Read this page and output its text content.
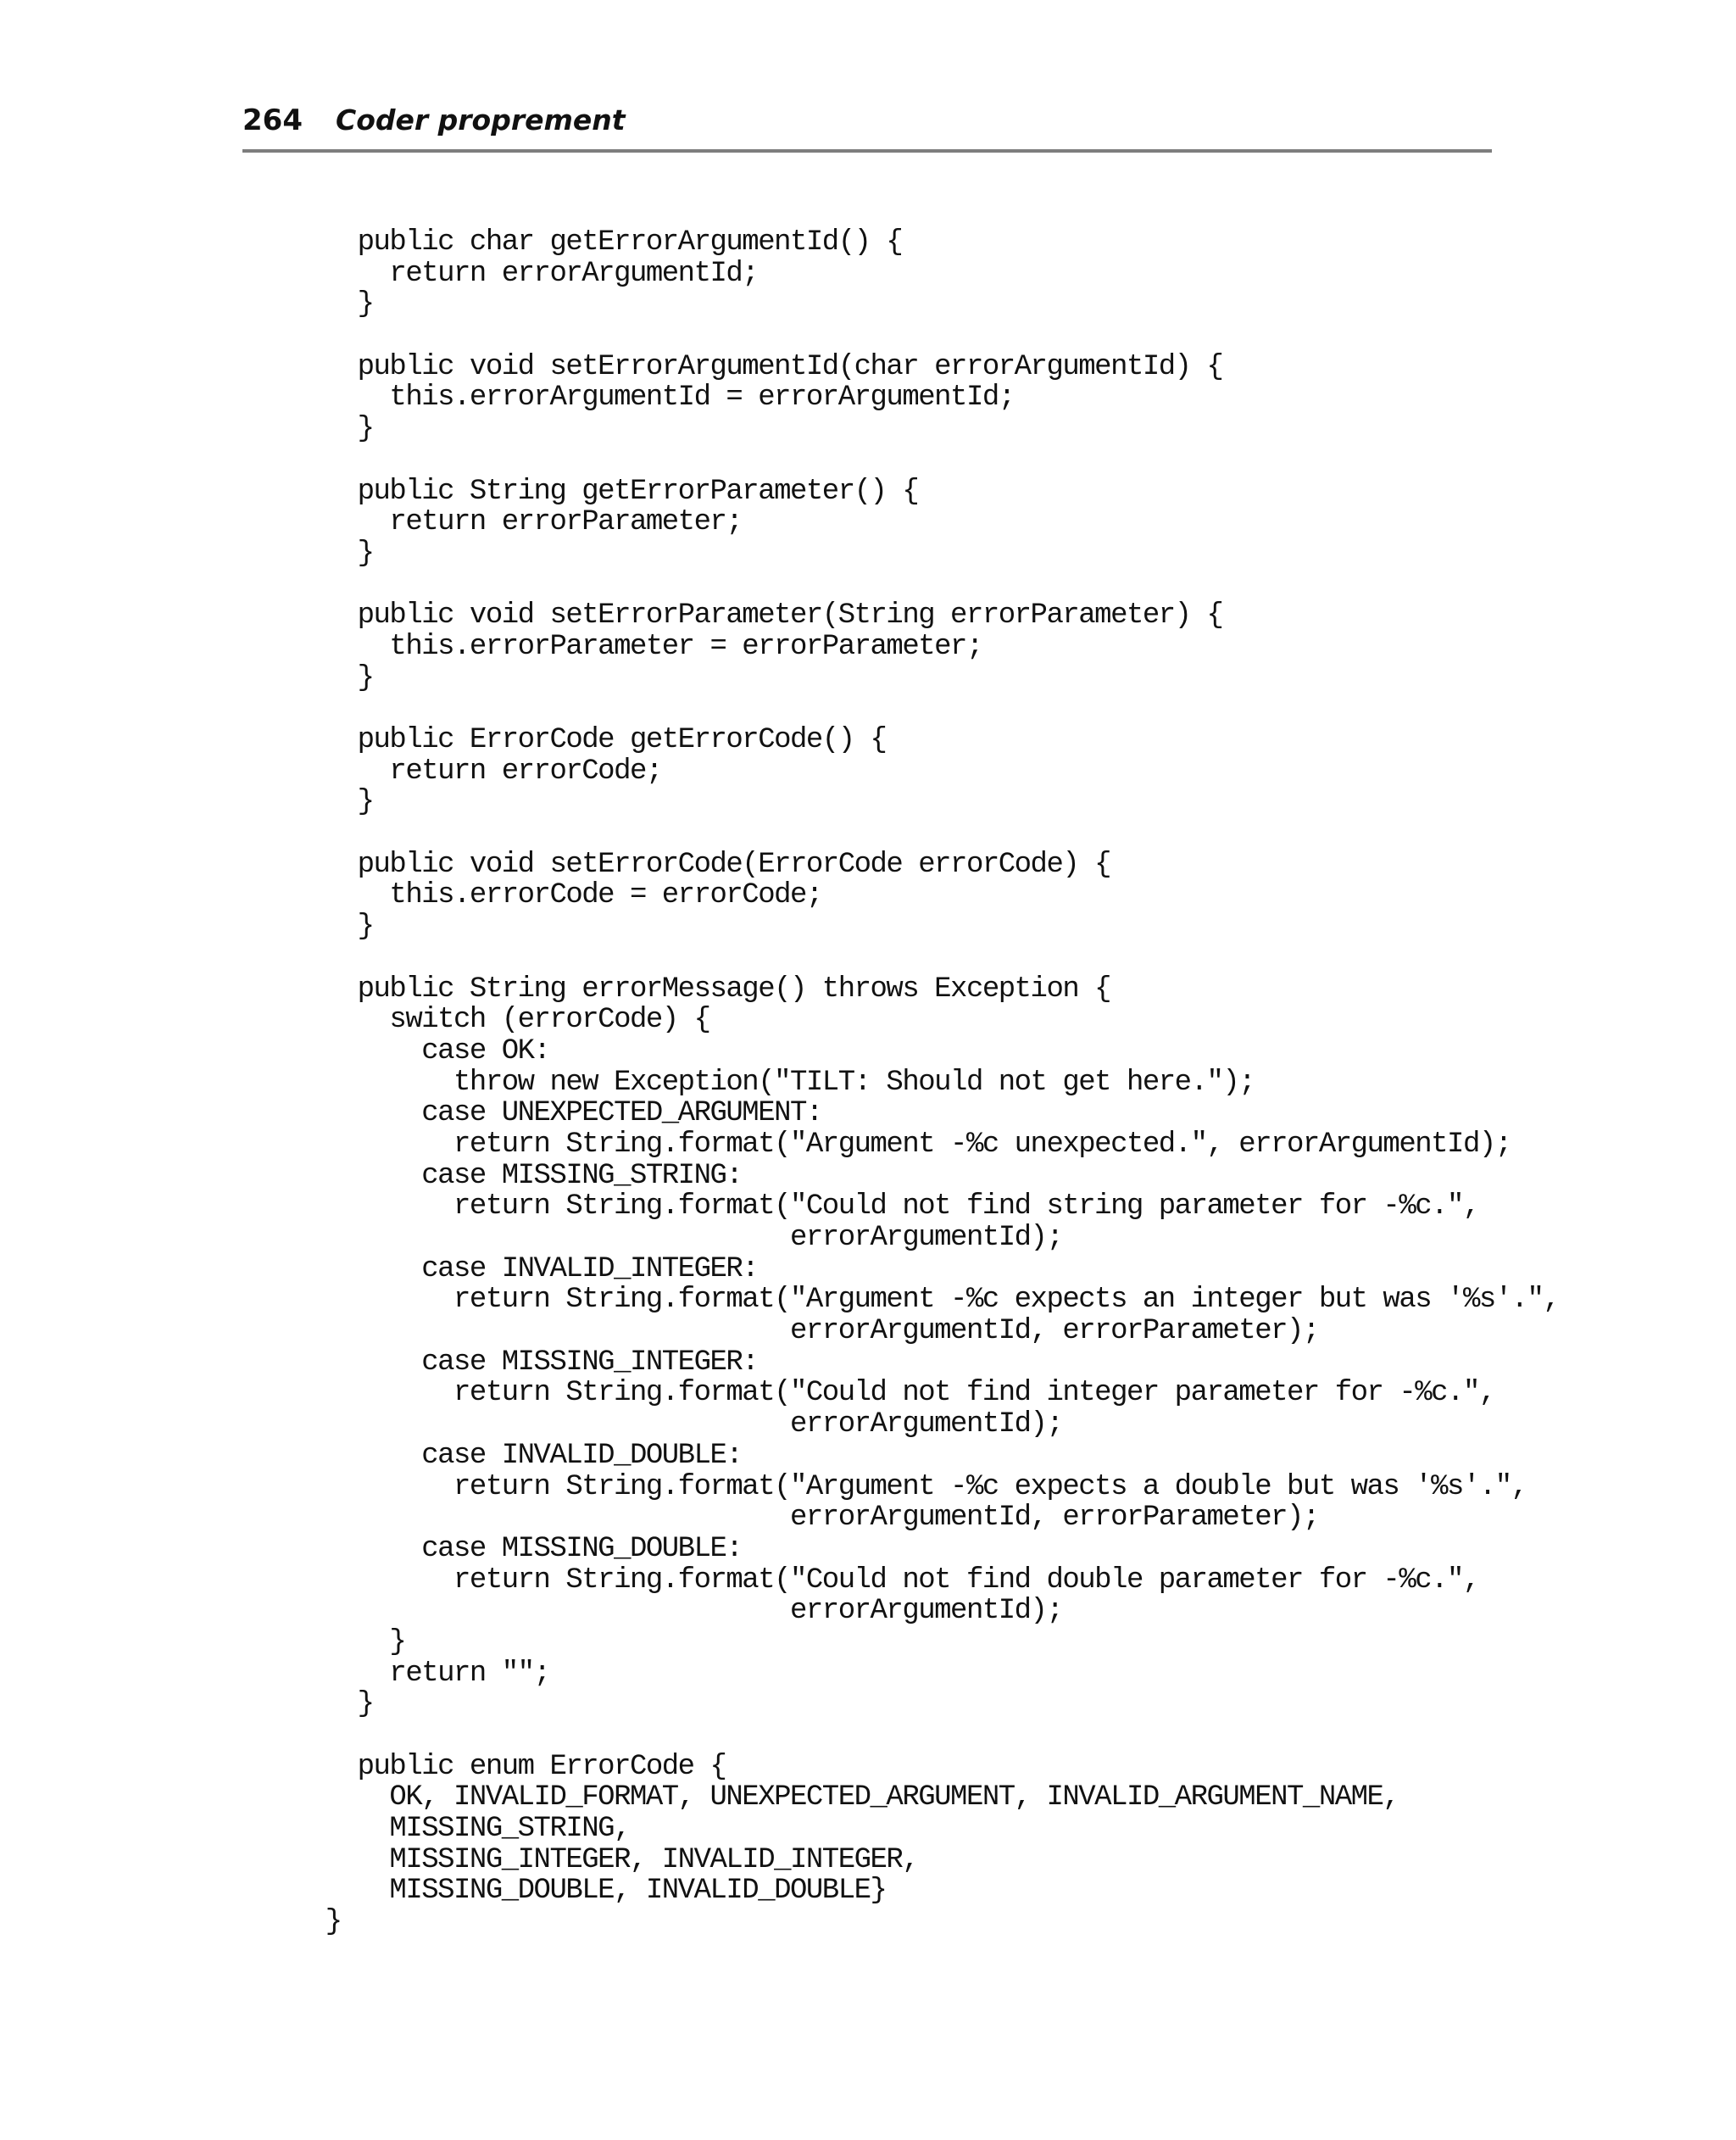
264 Coder proprement
public char getErrorArgumentId() {
return errorArgumentId;
}
public void setErrorArgumentId(char errorArgumentId) {
this.errorArgumentId = errorArgumentId;
}
public String getErrorParameter() {
return errorParameter;
}
public void setErrorParameter(String errorParameter) {
this.errorParameter = errorParameter;
}
public ErrorCode getErrorCode() {
return errorCode;
}
public void setErrorCode(ErrorCode errorCode) {
this.errorCode = errorCode;
}
public String errorMessage() throws Exception {
switch (errorCode) {
case OK:
throw new Exception("TILT: Should not get here.");
case UNEXPECTED_ARGUMENT:
return String.format("Argument -%c unexpected.", errorArgumentId);
case MISSING_STRING:
return String.format("Could not find string parameter for -%c.",
errorArgumentId);
case INVALID_INTEGER:
return String.format("Argument -%c expects an integer but was '%s'.",
errorArgumentId, errorParameter);
case MISSING_INTEGER:
return String.format("Could not find integer parameter for -%c.",
errorArgumentId);
case INVALID_DOUBLE:
return String.format("Argument -%c expects a double but was '%s'.",
errorArgumentId, errorParameter);
case MISSING_DOUBLE:
return String.format("Could not find double parameter for -%c.",
errorArgumentId);
}
return "";
}
public enum ErrorCode {
OK, INVALID_FORMAT, UNEXPECTED_ARGUMENT, INVALID_ARGUMENT_NAME,
MISSING_STRING,
MISSING_INTEGER, INVALID_INTEGER,
MISSING_DOUBLE, INVALID_DOUBLE}
}
